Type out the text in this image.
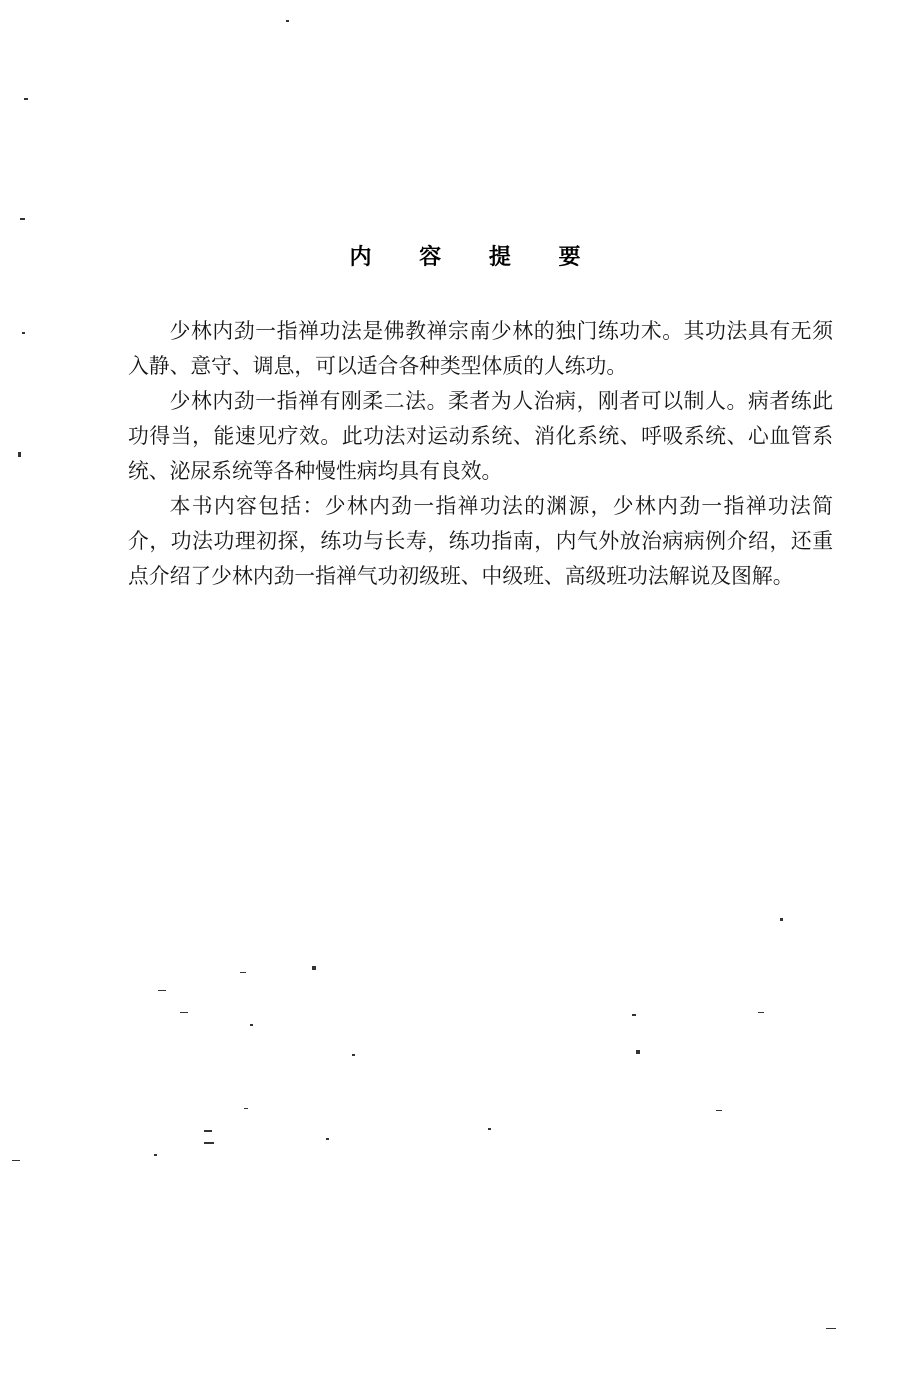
内 容 提 要

少林内劲一指禅功法是佛教禅宗南少林的独门练功术。其功法具有无须入静、意守、调息，可以适合各种类型体质的人练功。

少林内劲一指禅有刚柔二法。柔者为人治病，刚者可以制人。病者练此功得当，能速见疗效。此功法对运动系统、消化系统、呼吸系统、心血管系统、泌尿系统等各种慢性病均具有良效。

本书内容包括：少林内劲一指禅功法的渊源，少林内劲一指禅功法简介，功法功理初探，练功与长寿，练功指南，内气外放治病病例介绍，还重点介绍了少林内劲一指禅气功初级班、中级班、高级班功法解说及图解。
